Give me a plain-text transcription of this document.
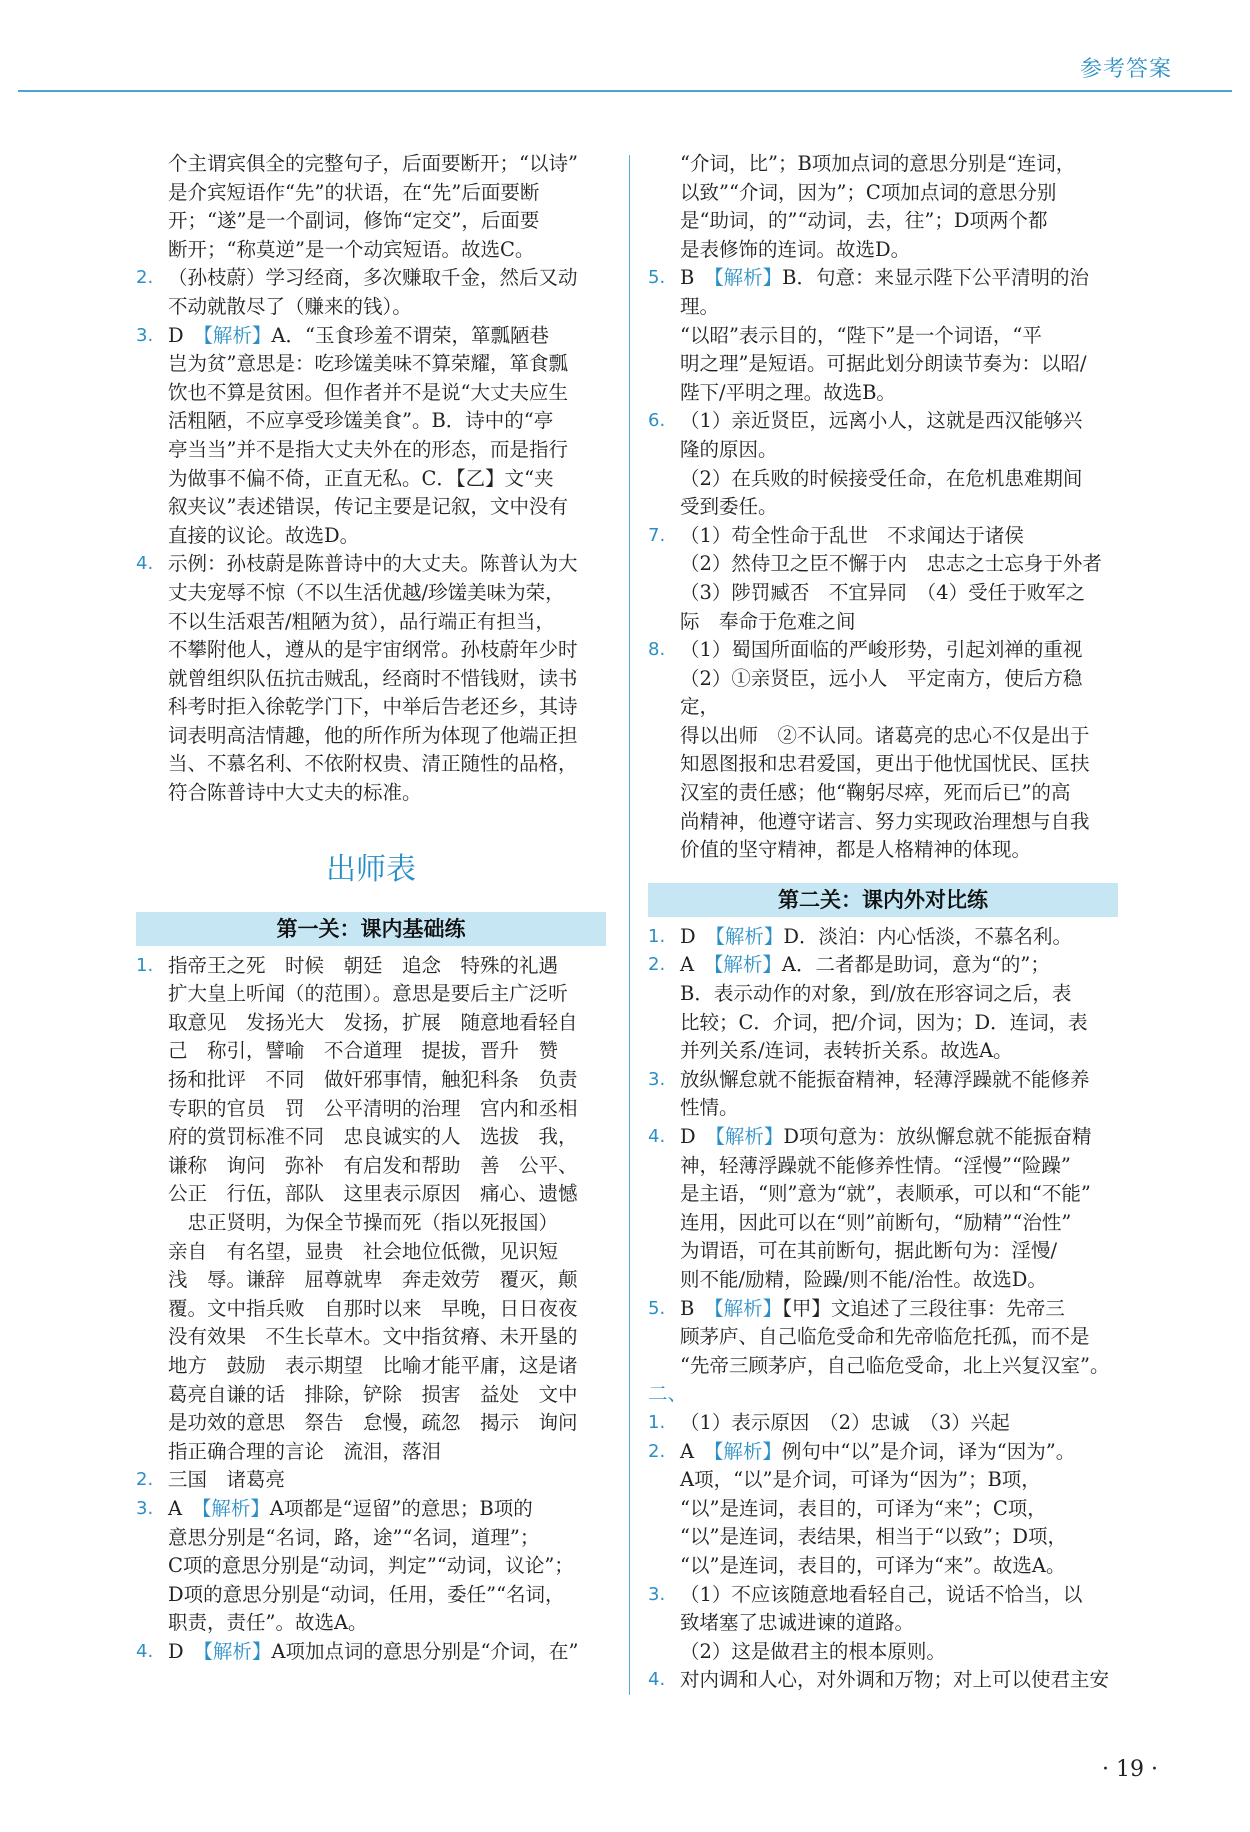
参考答案

个主谓宾俱全的完整句子，后面要断开；“以诗”

是介宾短语作“先”的状语，在“先”后面要断

开；“遂”是一个副词，修饰“定交”，后面要

断开；“称莫逆”是一个动宾短语。故选C。

2. （孙枝蔚）学习经商，多次赚取千金，然后又动

不动就散尽了（赚来的钱）。

3. D　【解析】A．“玉食珍羞不谓荣，箪瓢陋巷

岂为贫”意思是：吃珍馐美味不算荣耀，箪食瓢

饮也不算是贫困。但作者并不是说“大丈夫应生

活粗陋，不应享受珍馐美食”。B．诗中的“亭

亭当当”并不是指大丈夫外在的形态，而是指行

为做事不偏不倚，正直无私。C．【乙】文“夹

叙夹议”表述错误，传记主要是记叙，文中没有

直接的议论。故选D。

4. 示例：孙枝蔚是陈普诗中的大丈夫。陈普认为大

丈夫宠辱不惊（不以生活优越/珍馐美味为荣，

不以生活艰苦/粗陋为贫），品行端正有担当，

不攀附他人，遵从的是宇宙纲常。孙枝蔚年少时

就曾组织队伍抗击贼乱，经商时不惜钱财，读书

科考时拒入徐乾学门下，中举后告老还乡，其诗

词表明高洁情趣，他的所作所为体现了他端正担

当、不慕名利、不依附权贵、清正随性的品格，

符合陈普诗中大丈夫的标准。

出师表
第一关：课内基础练
1. 指帝王之死　时候　朝廷　追念　特殊的礼遇

扩大皇上听闻（的范围）。意思是要后主广泛听

取意见　发扬光大　发扬，扩展　随意地看轻自

己　称引，譬喻　不合道理　提拔，晋升　赞

扬和批评　不同　做奸邪事情，触犯科条　负责

专职的官员　罚　公平清明的治理　宫内和丞相

府的赏罚标准不同　忠良诚实的人　选拔　我，

谦称　询问　弥补　有启发和帮助　善　公平、

公正　行伍，部队　这里表示原因　痛心、遗憾

　忠正贤明，为保全节操而死（指以死报国）

亲自　有名望，显贵　社会地位低微，见识短

浅　辱。谦辞　屈尊就卑　奔走效劳　覆灭，颠

覆。文中指兵败　自那时以来　早晚，日日夜夜

没有效果　不生长草木。文中指贫瘠、未开垦的

地方　鼓励　表示期望　比喻才能平庸，这是诸

葛亮自谦的话　排除，铲除　损害　益处　文中

是功效的意思　祭告　怠慢，疏忽　揭示　询问

指正确合理的言论　流泪，落泪

2. 三国　诸葛亮

3. A　【解析】A项都是“逗留”的意思；B项的

意思分别是“名词，路，途”“名词，道理”；

C项的意思分别是“动词，判定”“动词，议论”；

D项的意思分别是“动词，任用，委任”“名词，

职责，责任”。故选A。

4. D　【解析】A项加点词的意思分别是“介词，在”

“介词，比”；B项加点词的意思分别是“连词，

以致”“介词，因为”；C项加点词的意思分别

是“助词，的”“动词，去，往”；D项两个都

是表修饰的连词。故选D。

5. B　【解析】B．句意：来显示陛下公平清明的治理。

“以昭”表示目的，“陛下”是一个词语，“平

明之理”是短语。可据此划分朗读节奏为：以昭/

陛下/平明之理。故选B。

6. （1）亲近贤臣，远离小人，这就是西汉能够兴

隆的原因。

（2）在兵败的时候接受任命，在危机患难期间

受到委任。

7. （1）苟全性命于乱世　不求闻达于诸侯

（2）然侍卫之臣不懈于内　忠志之士忘身于外者

（3）陟罚臧否　不宜异同　（4）受任于败军之

际　奉命于危难之间

8. （1）蜀国所面临的严峻形势，引起刘禅的重视

（2）①亲贤臣，远小人　平定南方，使后方稳定，

得以出师　②不认同。诸葛亮的忠心不仅是出于

知恩图报和忠君爱国，更出于他忧国忧民、匡扶

汉室的责任感；他“鞠躬尽瘁，死而后已”的高

尚精神，他遵守诺言、努力实现政治理想与自我

价值的坚守精神，都是人格精神的体现。

第二关：课内外对比练
1. D　【解析】D．淡泊：内心恬淡，不慕名利。

2. A　【解析】A．二者都是助词，意为“的”；

B．表示动作的对象，到/放在形容词之后，表

比较；C．介词，把/介词，因为；D．连词，表

并列关系/连词，表转折关系。故选A。

3. 放纵懈怠就不能振奋精神，轻薄浮躁就不能修养

性情。

4. D　【解析】D项句意为：放纵懈怠就不能振奋精

神，轻薄浮躁就不能修养性情。“淫慢”“险躁”

是主语，“则”意为“就”，表顺承，可以和“不能”

连用，因此可以在“则”前断句，“励精”“治性”

为谓语，可在其前断句，据此断句为：淫慢/

则不能/励精，险躁/则不能/治性。故选D。

5. B　【解析】【甲】文追述了三段往事：先帝三

顾茅庐、自己临危受命和先帝临危托孤，而不是

“先帝三顾茅庐，自己临危受命，北上兴复汉室”。

二、
1. （1）表示原因　（2）忠诚　（3）兴起

2. A　【解析】例句中“以”是介词，译为“因为”。

A项，“以”是介词，可译为“因为”；B项，

“以”是连词，表目的，可译为“来”；C项，

“以”是连词，表结果，相当于“以致”；D项，

“以”是连词，表目的，可译为“来”。故选A。

3. （1）不应该随意地看轻自己，说话不恰当，以

致堵塞了忠诚进谏的道路。

（2）这是做君主的根本原则。

4. 对内调和人心，对外调和万物；对上可以使君主安

· 19 ·
